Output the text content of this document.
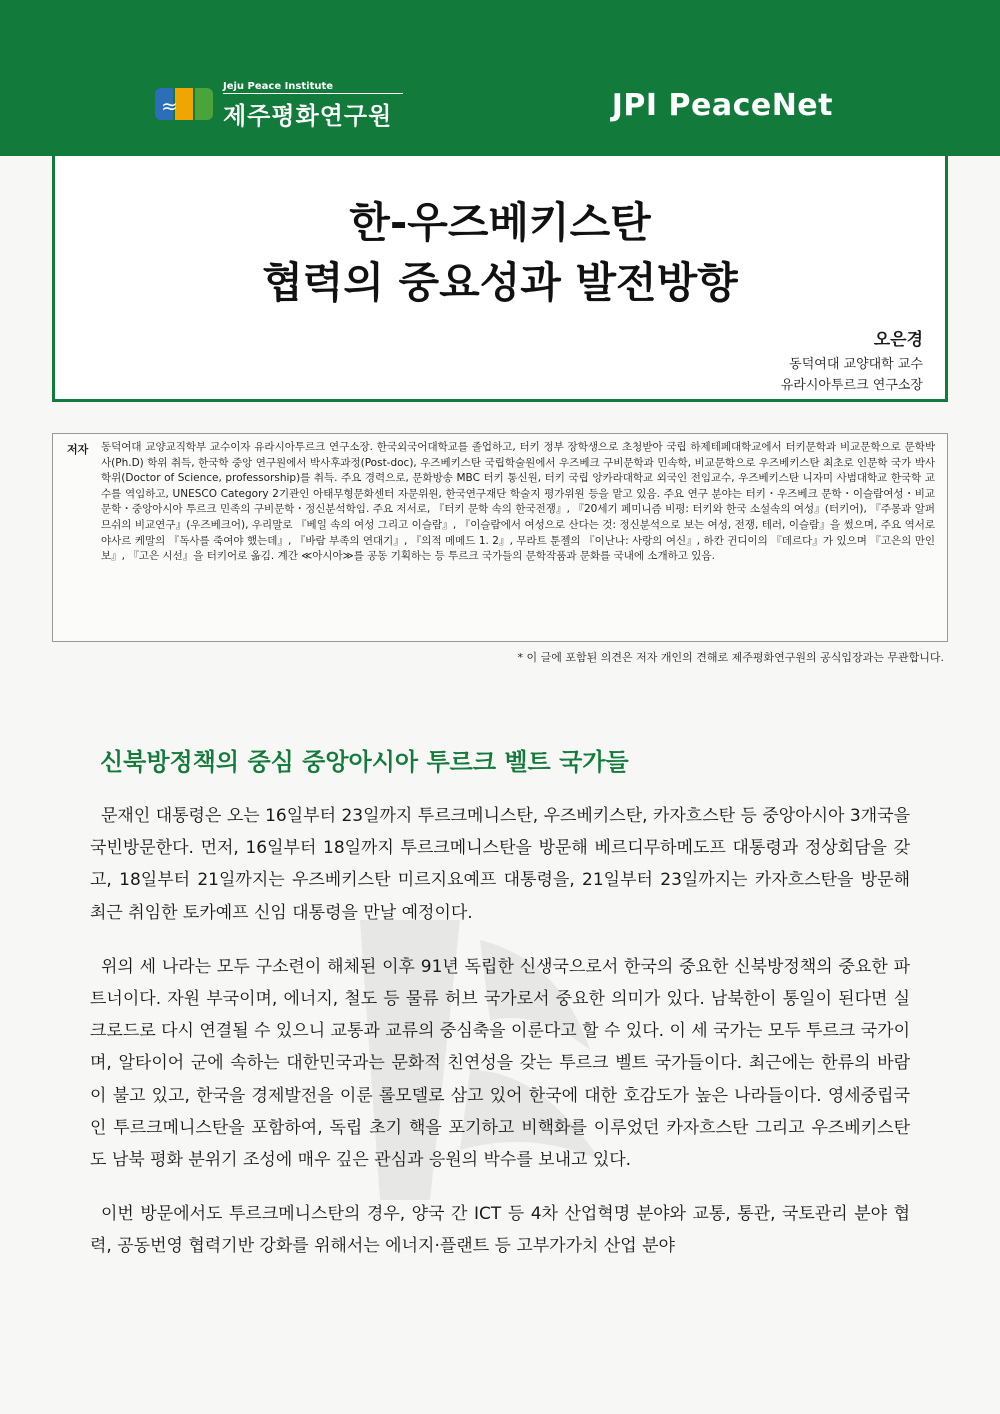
≈
Jeju Peace Institute
제주평화연구원	JPI PeaceNet
한-우즈베키스탄
협력의 중요성과 발전방향
오은경
동덕여대 교양대학 교수
유라시아투르크 연구소장
저자 동덕여대 교양교직학부 교수이자 유라시아투르크 연구소장. 한국외국어대학교를 졸업하고, 터키 정부 장학생으로 초청받아 국립 하제테페대학교에서 터키문학과 비교문학으로 문학박사(Ph.D) 학위 취득, 한국학 중앙 연구원에서 박사후과정(Post-doc), 우즈베키스탄 국립학술원에서 우즈베크 구비문학과 민속학, 비교문학으로 우즈베키스탄 최초로 인문학 국가 박사학위(Doctor of Science, professorship)를 취득. 주요 경력으로, 문화방송 MBC 터키 통신원, 터키 국립 앙카라대학교 외국인 전임교수, 우즈베키스탄 니자미 사범대학교 한국학 교수를 역임하고, UNESCO Category 2기관인 아태무형문화센터 자문위원, 한국연구재단 학술지 평가위원 등을 맡고 있음. 주요 연구 분야는 터키・우즈베크 문학・이슬람여성・비교문학・중앙아시아 투르크 민족의 구비문학・정신분석학임. 주요 저서로, 『터키 문학 속의 한국전쟁』, 『20세기 페미니즘 비평: 터키와 한국 소설속의 여성』(터키어), 『주몽과 알퍼므쉬의 비교연구』(우즈베크어), 우리말로 『베일 속의 여성 그리고 이슬람』, 『이슬람에서 여성으로 산다는 것: 정신분석으로 보는 여성, 전쟁, 테러, 이슬람』을 썼으며, 주요 역서로 야사르 케말의 『독사를 죽여야 했는데』, 『바람 부족의 연대기』, 『의적 메메드 1. 2』, 무라트 툰젤의 『이난나: 사랑의 여신』, 하칸 귄디이의 『데르다』가 있으며 『고은의 만인보』, 『고은 시선』을 터키어로 옮김. 계간 ≪아시아≫를 공동 기획하는 등 투르크 국가들의 문학작품과 문화를 국내에 소개하고 있음.
* 이 글에 포함된 의견은 저자 개인의 견해로 제주평화연구원의 공식입장과는 무관합니다.
신북방정책의 중심 중앙아시아 투르크 벨트 국가들

문재인 대통령은 오는 16일부터 23일까지 투르크메니스탄, 우즈베키스탄, 카자흐스탄 등 중앙아시아 3개국을 국빈방문한다. 먼저, 16일부터 18일까지 투르크메니스탄을 방문해 베르디무하메도프 대통령과 정상회담을 갖고, 18일부터 21일까지는 우즈베키스탄 미르지요예프 대통령을, 21일부터 23일까지는 카자흐스탄을 방문해 최근 취임한 토카예프 신임 대통령을 만날 예정이다.

위의 세 나라는 모두 구소련이 해체된 이후 91년 독립한 신생국으로서 한국의 중요한 신북방정책의 중요한 파트너이다. 자원 부국이며, 에너지, 철도 등 물류 허브 국가로서 중요한 의미가 있다. 남북한이 통일이 된다면 실크로드로 다시 연결될 수 있으니 교통과 교류의 중심축을 이룬다고 할 수 있다. 이 세 국가는 모두 투르크 국가이며, 알타이어 군에 속하는 대한민국과는 문화적 친연성을 갖는 투르크 벨트 국가들이다. 최근에는 한류의 바람이 불고 있고, 한국을 경제발전을 이룬 롤모델로 삼고 있어 한국에 대한 호감도가 높은 나라들이다. 영세중립국인 투르크메니스탄을 포함하여, 독립 초기 핵을 포기하고 비핵화를 이루었던 카자흐스탄 그리고 우즈베키스탄도 남북 평화 분위기 조성에 매우 깊은 관심과 응원의 박수를 보내고 있다.

이번 방문에서도 투르크메니스탄의 경우, 양국 간 ICT 등 4차 산업혁명 분야와 교통, 통관, 국토관리 분야 협력, 공동번영 협력기반 강화를 위해서는 에너지·플랜트 등 고부가가치 산업 분야
